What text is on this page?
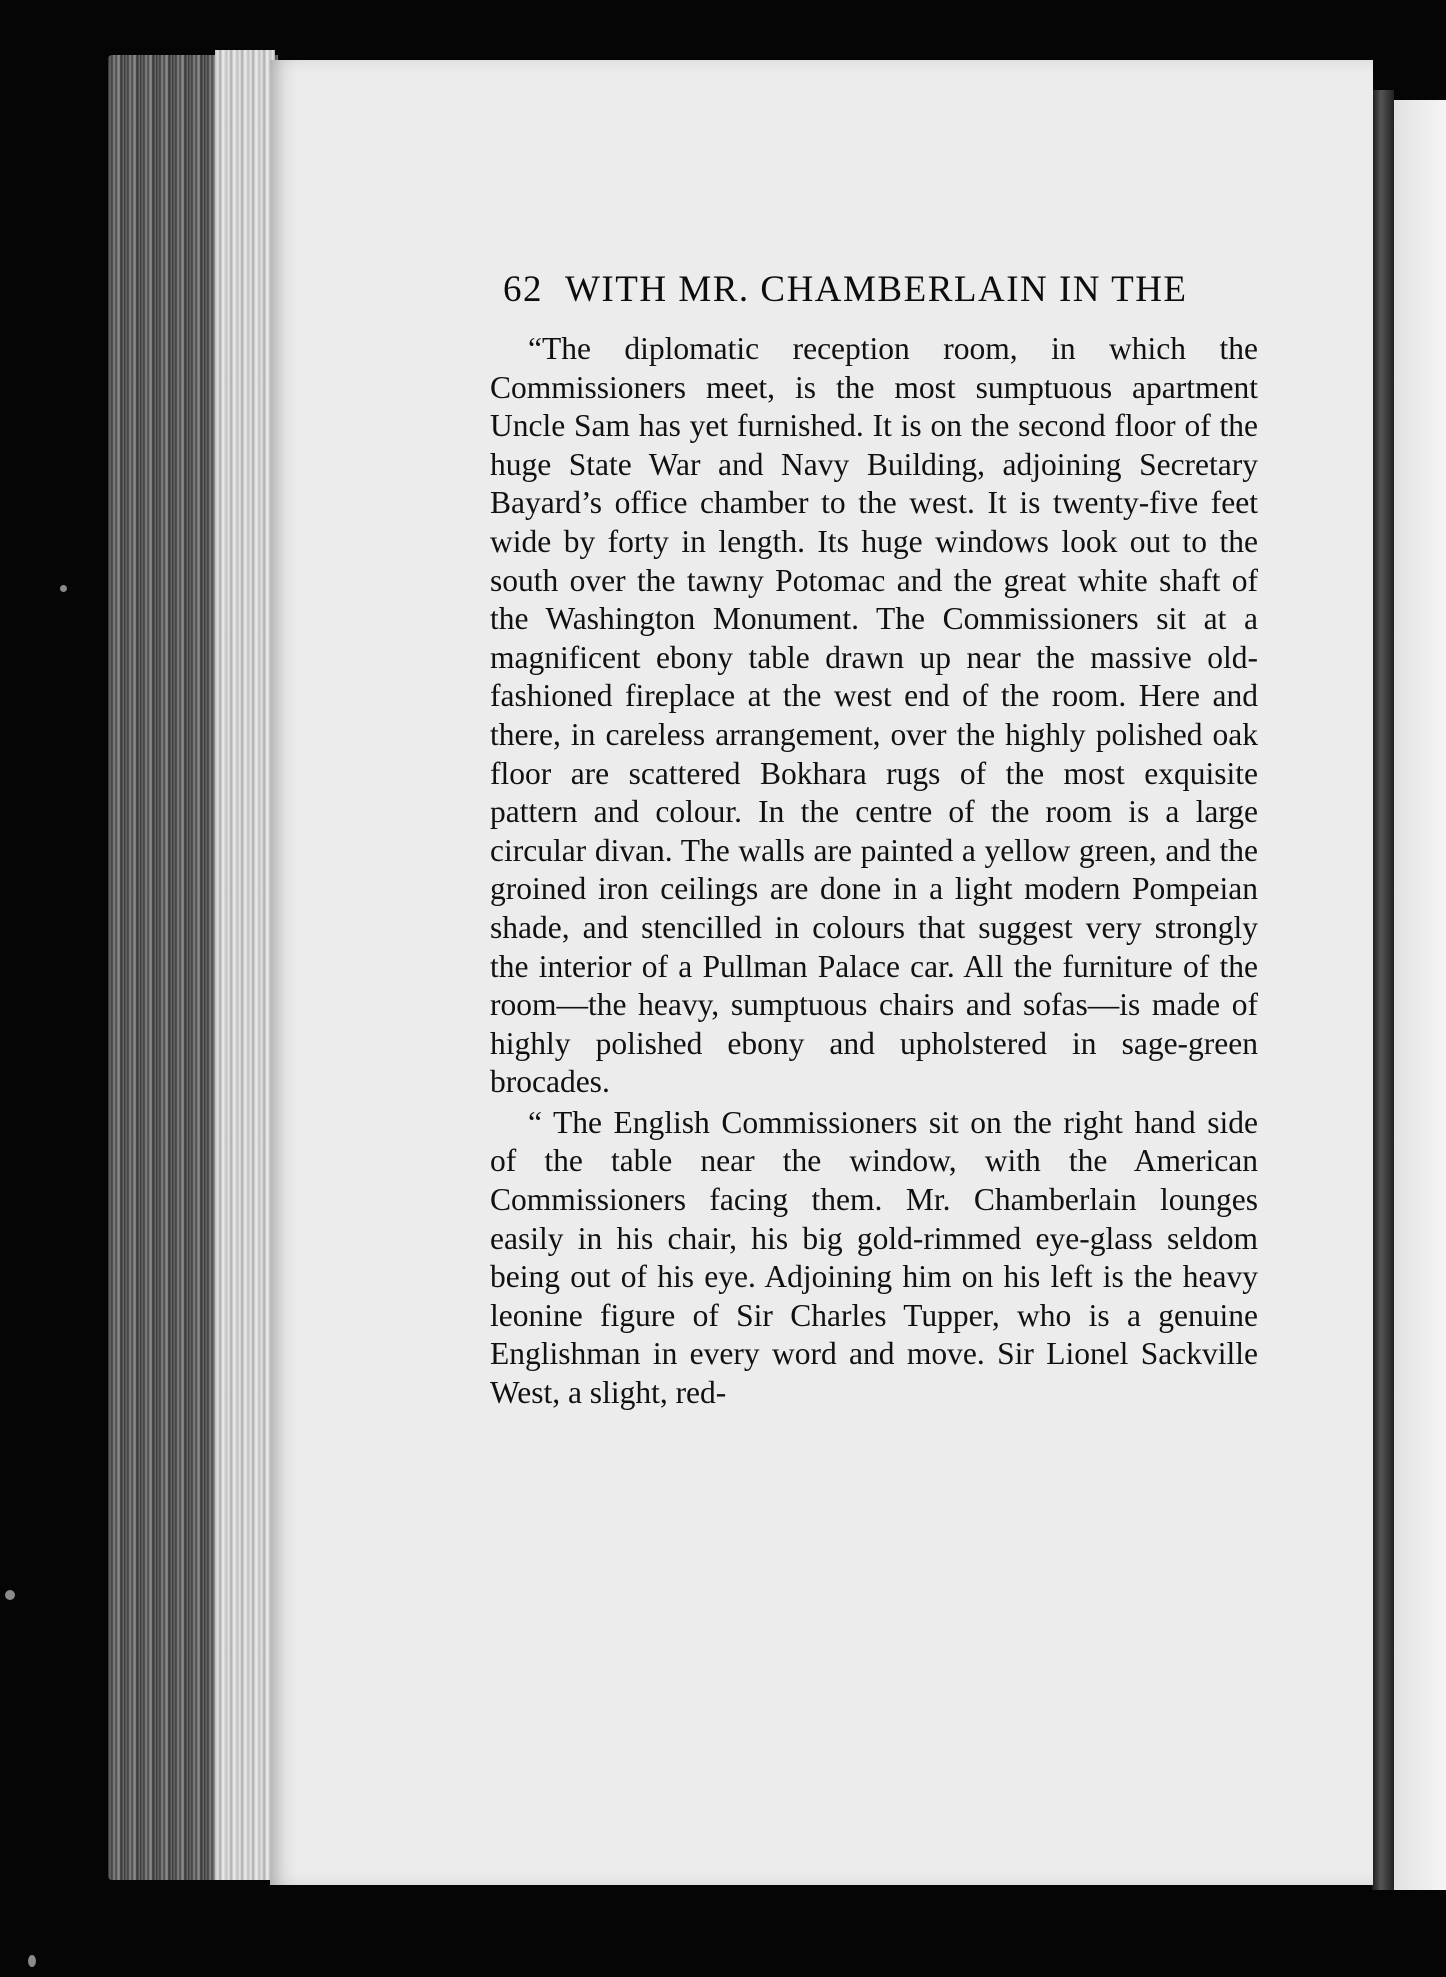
62 WITH MR. CHAMBERLAIN IN THE

“The diplomatic reception room, in which the Commissioners meet, is the most sumptuous apartment Uncle Sam has yet furnished. It is on the second floor of the huge State War and Navy Building, adjoining Secretary Bayard’s office chamber to the west. It is twenty-five feet wide by forty in length. Its huge windows look out to the south over the tawny Potomac and the great white shaft of the Washington Monument. The Commissioners sit at a magnificent ebony table drawn up near the massive old-fashioned fireplace at the west end of the room. Here and there, in careless arrangement, over the highly polished oak floor are scattered Bokhara rugs of the most exquisite pattern and colour. In the centre of the room is a large circular divan. The walls are painted a yellow green, and the groined iron ceilings are done in a light modern Pompeian shade, and stencilled in colours that suggest very strongly the interior of a Pullman Palace car. All the furniture of the room—the heavy, sumptuous chairs and sofas—is made of highly polished ebony and upholstered in sage-green brocades.

“ The English Commissioners sit on the right hand side of the table near the window, with the American Commissioners facing them. Mr. Chamberlain lounges easily in his chair, his big gold-rimmed eye-glass seldom being out of his eye. Adjoining him on his left is the heavy leonine figure of Sir Charles Tupper, who is a genuine Englishman in every word and move. Sir Lionel Sackville West, a slight, red-
